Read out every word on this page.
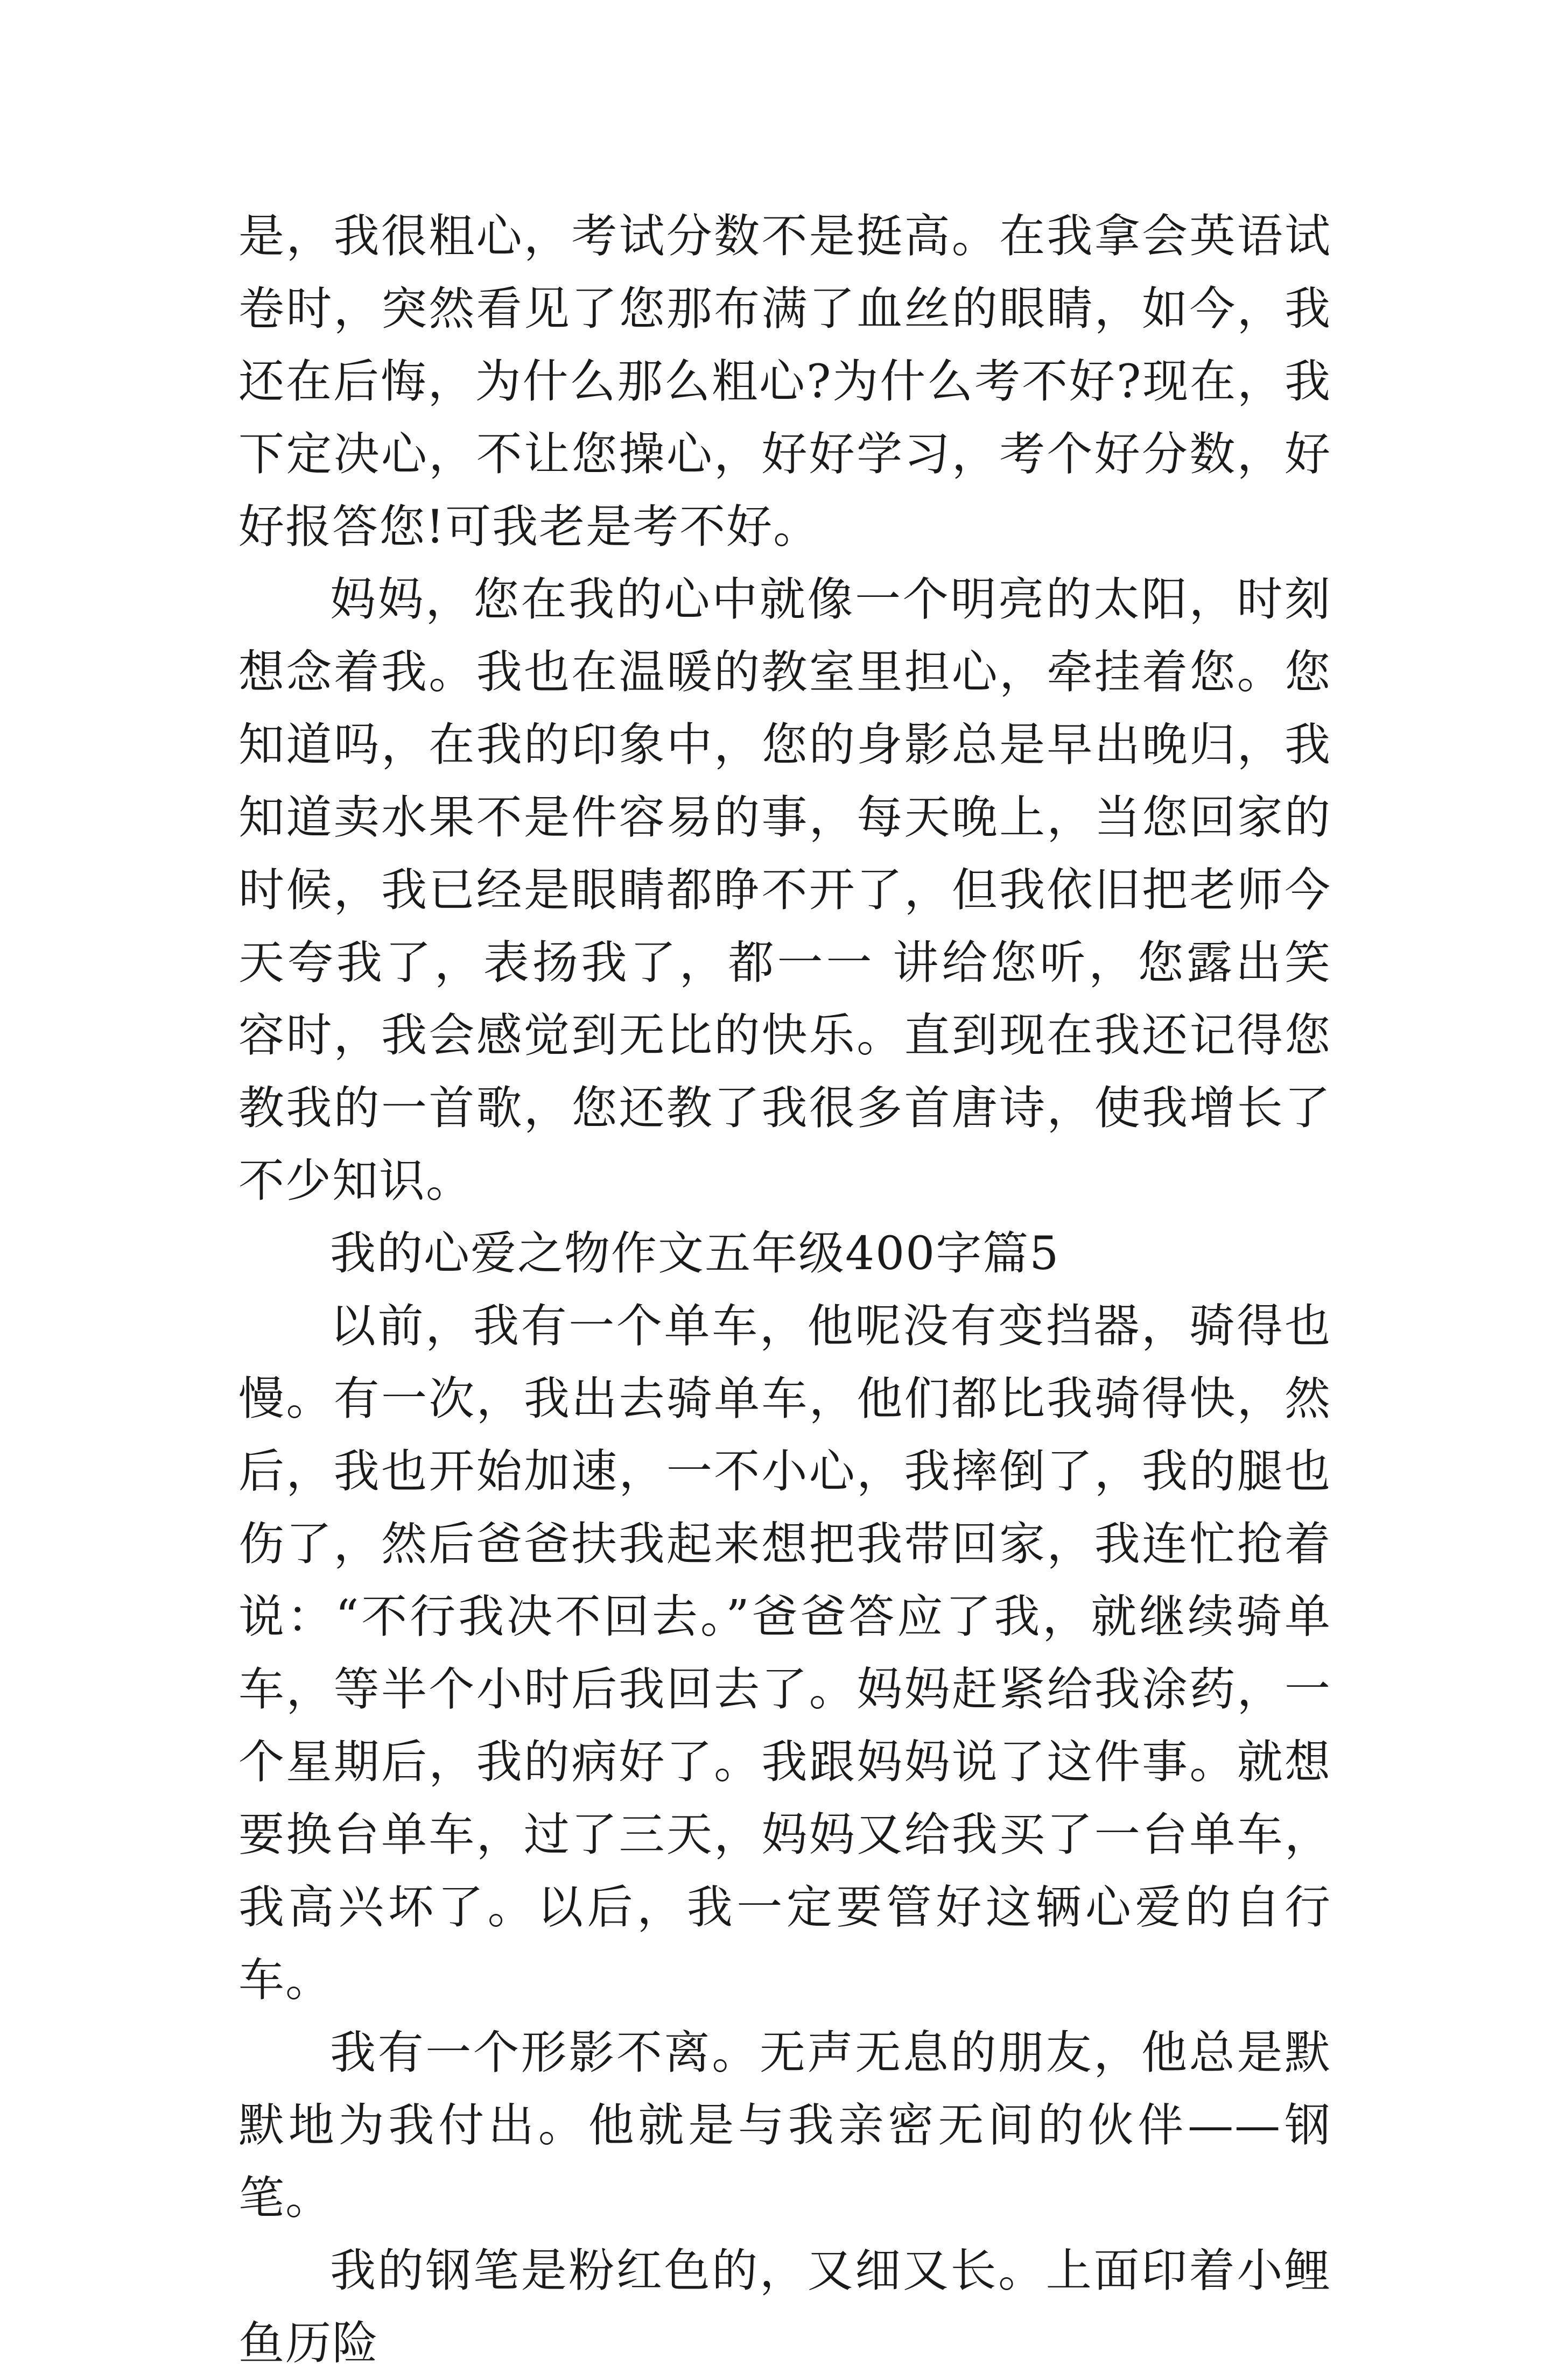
是，我很粗心，考试分数不是挺高。在我拿会英语试卷时，突然看见了您那布满了血丝的眼睛，如今，我还在后悔，为什么那么粗心?为什么考不好?现在，我下定决心，不让您操心，好好学习，考个好分数，好好报答您!可我老是考不好。

妈妈，您在我的心中就像一个明亮的太阳，时刻想念着我。我也在温暖的教室里担心，牵挂着您。您知道吗，在我的印象中，您的身影总是早出晚归，我知道卖水果不是件容易的事，每天晚上，当您回家的时候，我已经是眼睛都睁不开了，但我依旧把老师今天夸我了，表扬我了，都一一 讲给您听，您露出笑容时，我会感觉到无比的快乐。直到现在我还记得您教我的一首歌，您还教了我很多首唐诗，使我增长了不少知识。

我的心爱之物作文五年级400字篇5

以前，我有一个单车，他呢没有变挡器，骑得也慢。有一次，我出去骑单车，他们都比我骑得快，然后，我也开始加速，一不小心，我摔倒了，我的腿也伤了，然后爸爸扶我起来想把我带回家，我连忙抢着说：“不行我决不回去。”爸爸答应了我，就继续骑单车，等半个小时后我回去了。妈妈赶紧给我涂药，一个星期后，我的病好了。我跟妈妈说了这件事。就想要换台单车，过了三天，妈妈又给我买了一台单车，我高兴坏了。以后，我一定要管好这辆心爱的自行车。

我有一个形影不离。无声无息的朋友，他总是默默地为我付出。他就是与我亲密无间的伙伴——钢笔。

我的钢笔是粉红色的，又细又长。上面印着小鲤鱼历险
